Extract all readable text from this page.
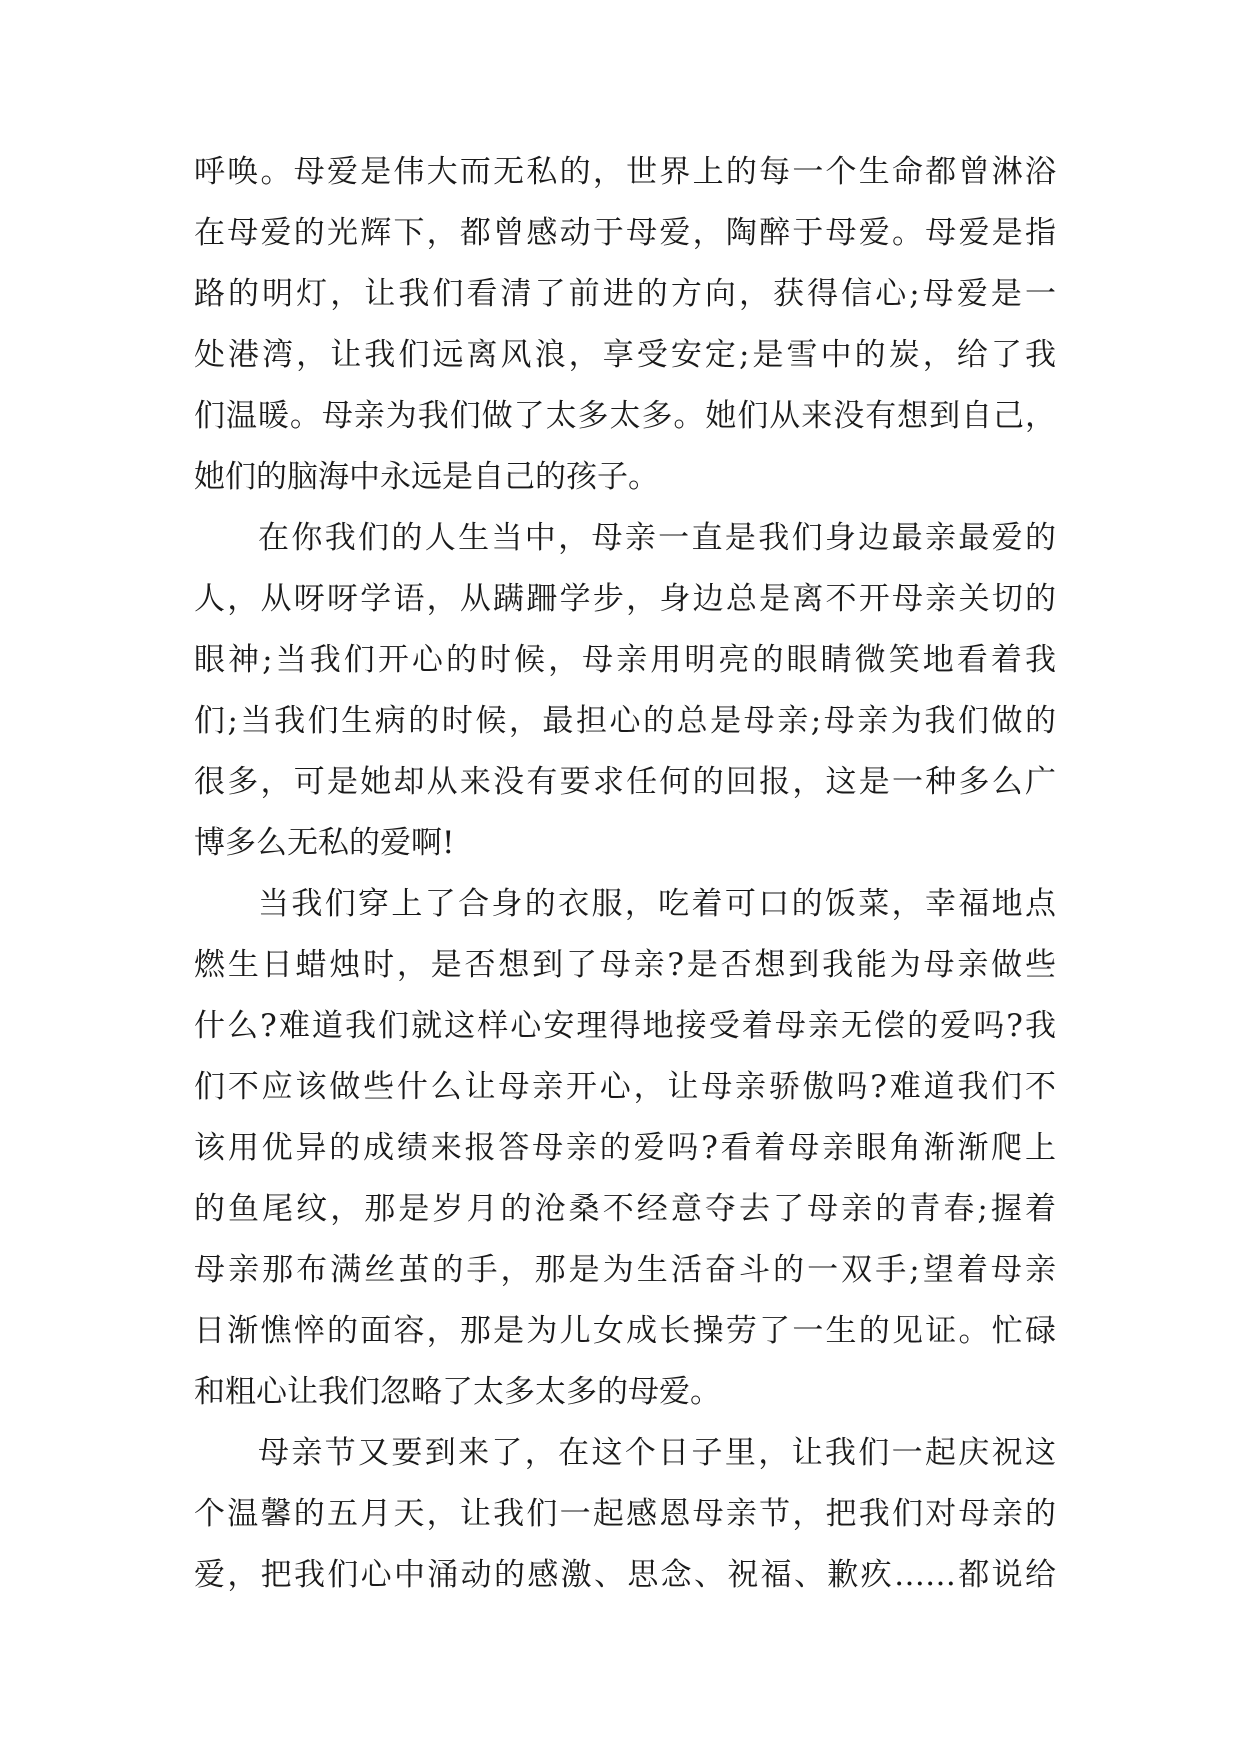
呼唤。母爱是伟大而无私的，世界上的每一个生命都曾淋浴
在母爱的光辉下，都曾感动于母爱，陶醉于母爱。母爱是指
路的明灯，让我们看清了前进的方向，获得信心;母爱是一
处港湾，让我们远离风浪，享受安定;是雪中的炭，给了我
们温暖。母亲为我们做了太多太多。她们从来没有想到自己，
她们的脑海中永远是自己的孩子。
在你我们的人生当中，母亲一直是我们身边最亲最爱的
人，从呀呀学语，从蹒跚学步，身边总是离不开母亲关切的
眼神;当我们开心的时候，母亲用明亮的眼睛微笑地看着我
们;当我们生病的时候，最担心的总是母亲;母亲为我们做的
很多，可是她却从来没有要求任何的回报，这是一种多么广
博多么无私的爱啊!
当我们穿上了合身的衣服，吃着可口的饭菜，幸福地点
燃生日蜡烛时，是否想到了母亲?是否想到我能为母亲做些
什么?难道我们就这样心安理得地接受着母亲无偿的爱吗?我
们不应该做些什么让母亲开心，让母亲骄傲吗?难道我们不
该用优异的成绩来报答母亲的爱吗?看着母亲眼角渐渐爬上
的鱼尾纹，那是岁月的沧桑不经意夺去了母亲的青春;握着
母亲那布满丝茧的手，那是为生活奋斗的一双手;望着母亲
日渐憔悴的面容，那是为儿女成长操劳了一生的见证。忙碌
和粗心让我们忽略了太多太多的母爱。
母亲节又要到来了，在这个日子里，让我们一起庆祝这
个温馨的五月天，让我们一起感恩母亲节，把我们对母亲的
爱，把我们心中涌动的感激、思念、祝福、歉疚……都说给
